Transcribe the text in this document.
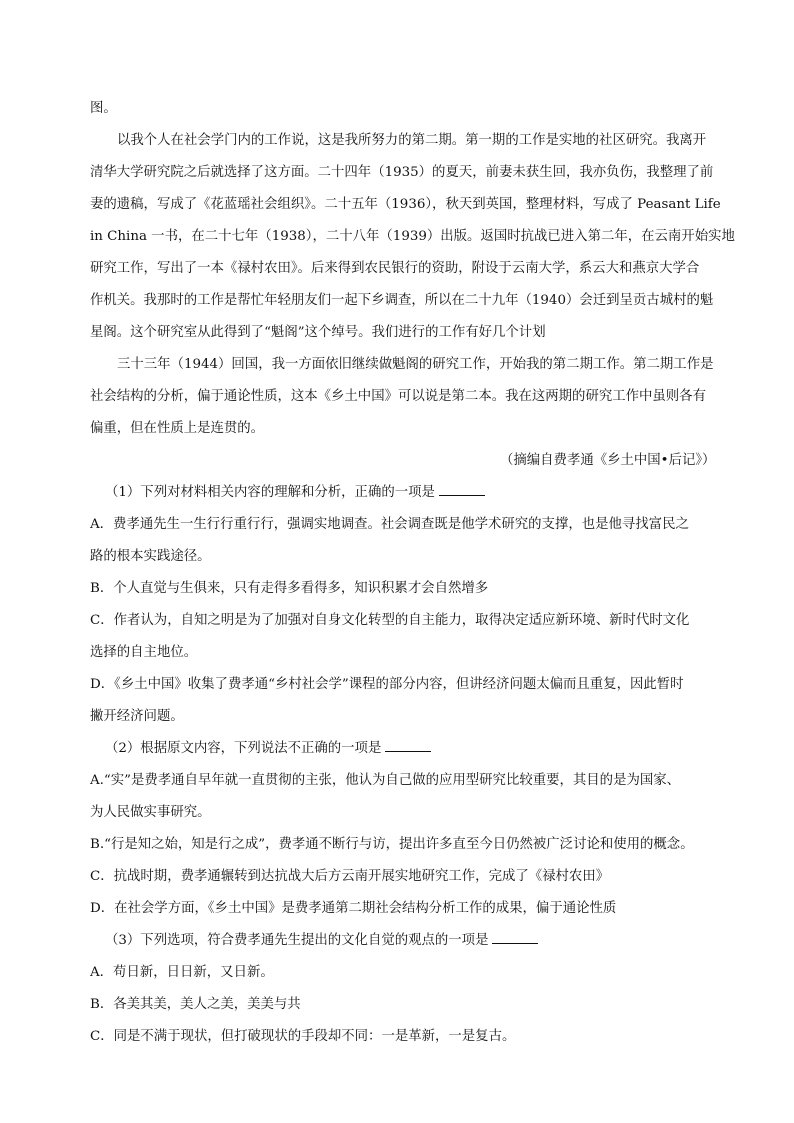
图。
以我个人在社会学门内的工作说，这是我所努力的第二期。第一期的工作是实地的社区研究。我离开
清华大学研究院之后就选择了这方面。二十四年（1935）的夏天，前妻未获生回，我亦负伤，我整理了前
妻的遗稿，写成了《花蓝瑶社会组织》。二十五年（1936），秋天到英国，整理材料，写成了 Peasant Life
in China 一书，在二十七年（1938），二十八年（1939）出版。返国时抗战已进入第二年，在云南开始实地
研究工作，写出了一本《禄村农田》。后来得到农民银行的资助，附设于云南大学，系云大和燕京大学合
作机关。我那时的工作是帮忙年轻朋友们一起下乡调查，所以在二十九年（1940）会迁到呈贡古城村的魁
星阁。这个研究室从此得到了“魁阁”这个绰号。我们进行的工作有好几个计划
三十三年（1944）回国，我一方面依旧继续做魁阁的研究工作，开始我的第二期工作。第二期工作是
社会结构的分析，偏于通论性质，这本《乡土中国》可以说是第二本。我在这两期的研究工作中虽则各有
偏重，但在性质上是连贯的。
（摘编自费孝通《乡土中国•后记》）
（1）下列对材料相关内容的理解和分析，正确的一项是
A．费孝通先生一生行行重行行，强调实地调查。社会调查既是他学术研究的支撑，也是他寻找富民之
路的根本实践途径。
B．个人直觉与生俱来，只有走得多看得多，知识积累才会自然增多
C．作者认为，自知之明是为了加强对自身文化转型的自主能力，取得决定适应新环境、新时代时文化
选择的自主地位。
D．《乡土中国》收集了费孝通“乡村社会学”课程的部分内容，但讲经济问题太偏而且重复，因此暂时
撇开经济问题。
（2）根据原文内容，下列说法不正确的一项是
A.“实”是费孝通自早年就一直贯彻的主张，他认为自己做的应用型研究比较重要，其目的是为国家、
为人民做实事研究。
B.“行是知之始，知是行之成”，费孝通不断行与访，提出许多直至今日仍然被广泛讨论和使用的概念。
C．抗战时期，费孝通辗转到达抗战大后方云南开展实地研究工作，完成了《禄村农田》
D．在社会学方面，《乡土中国》是费孝通第二期社会结构分析工作的成果，偏于通论性质
（3）下列选项，符合费孝通先生提出的文化自觉的观点的一项是
A．苟日新，日日新，又日新。
B．各美其美，美人之美，美美与共
C．同是不满于现状，但打破现状的手段却不同：一是革新，一是复古。
